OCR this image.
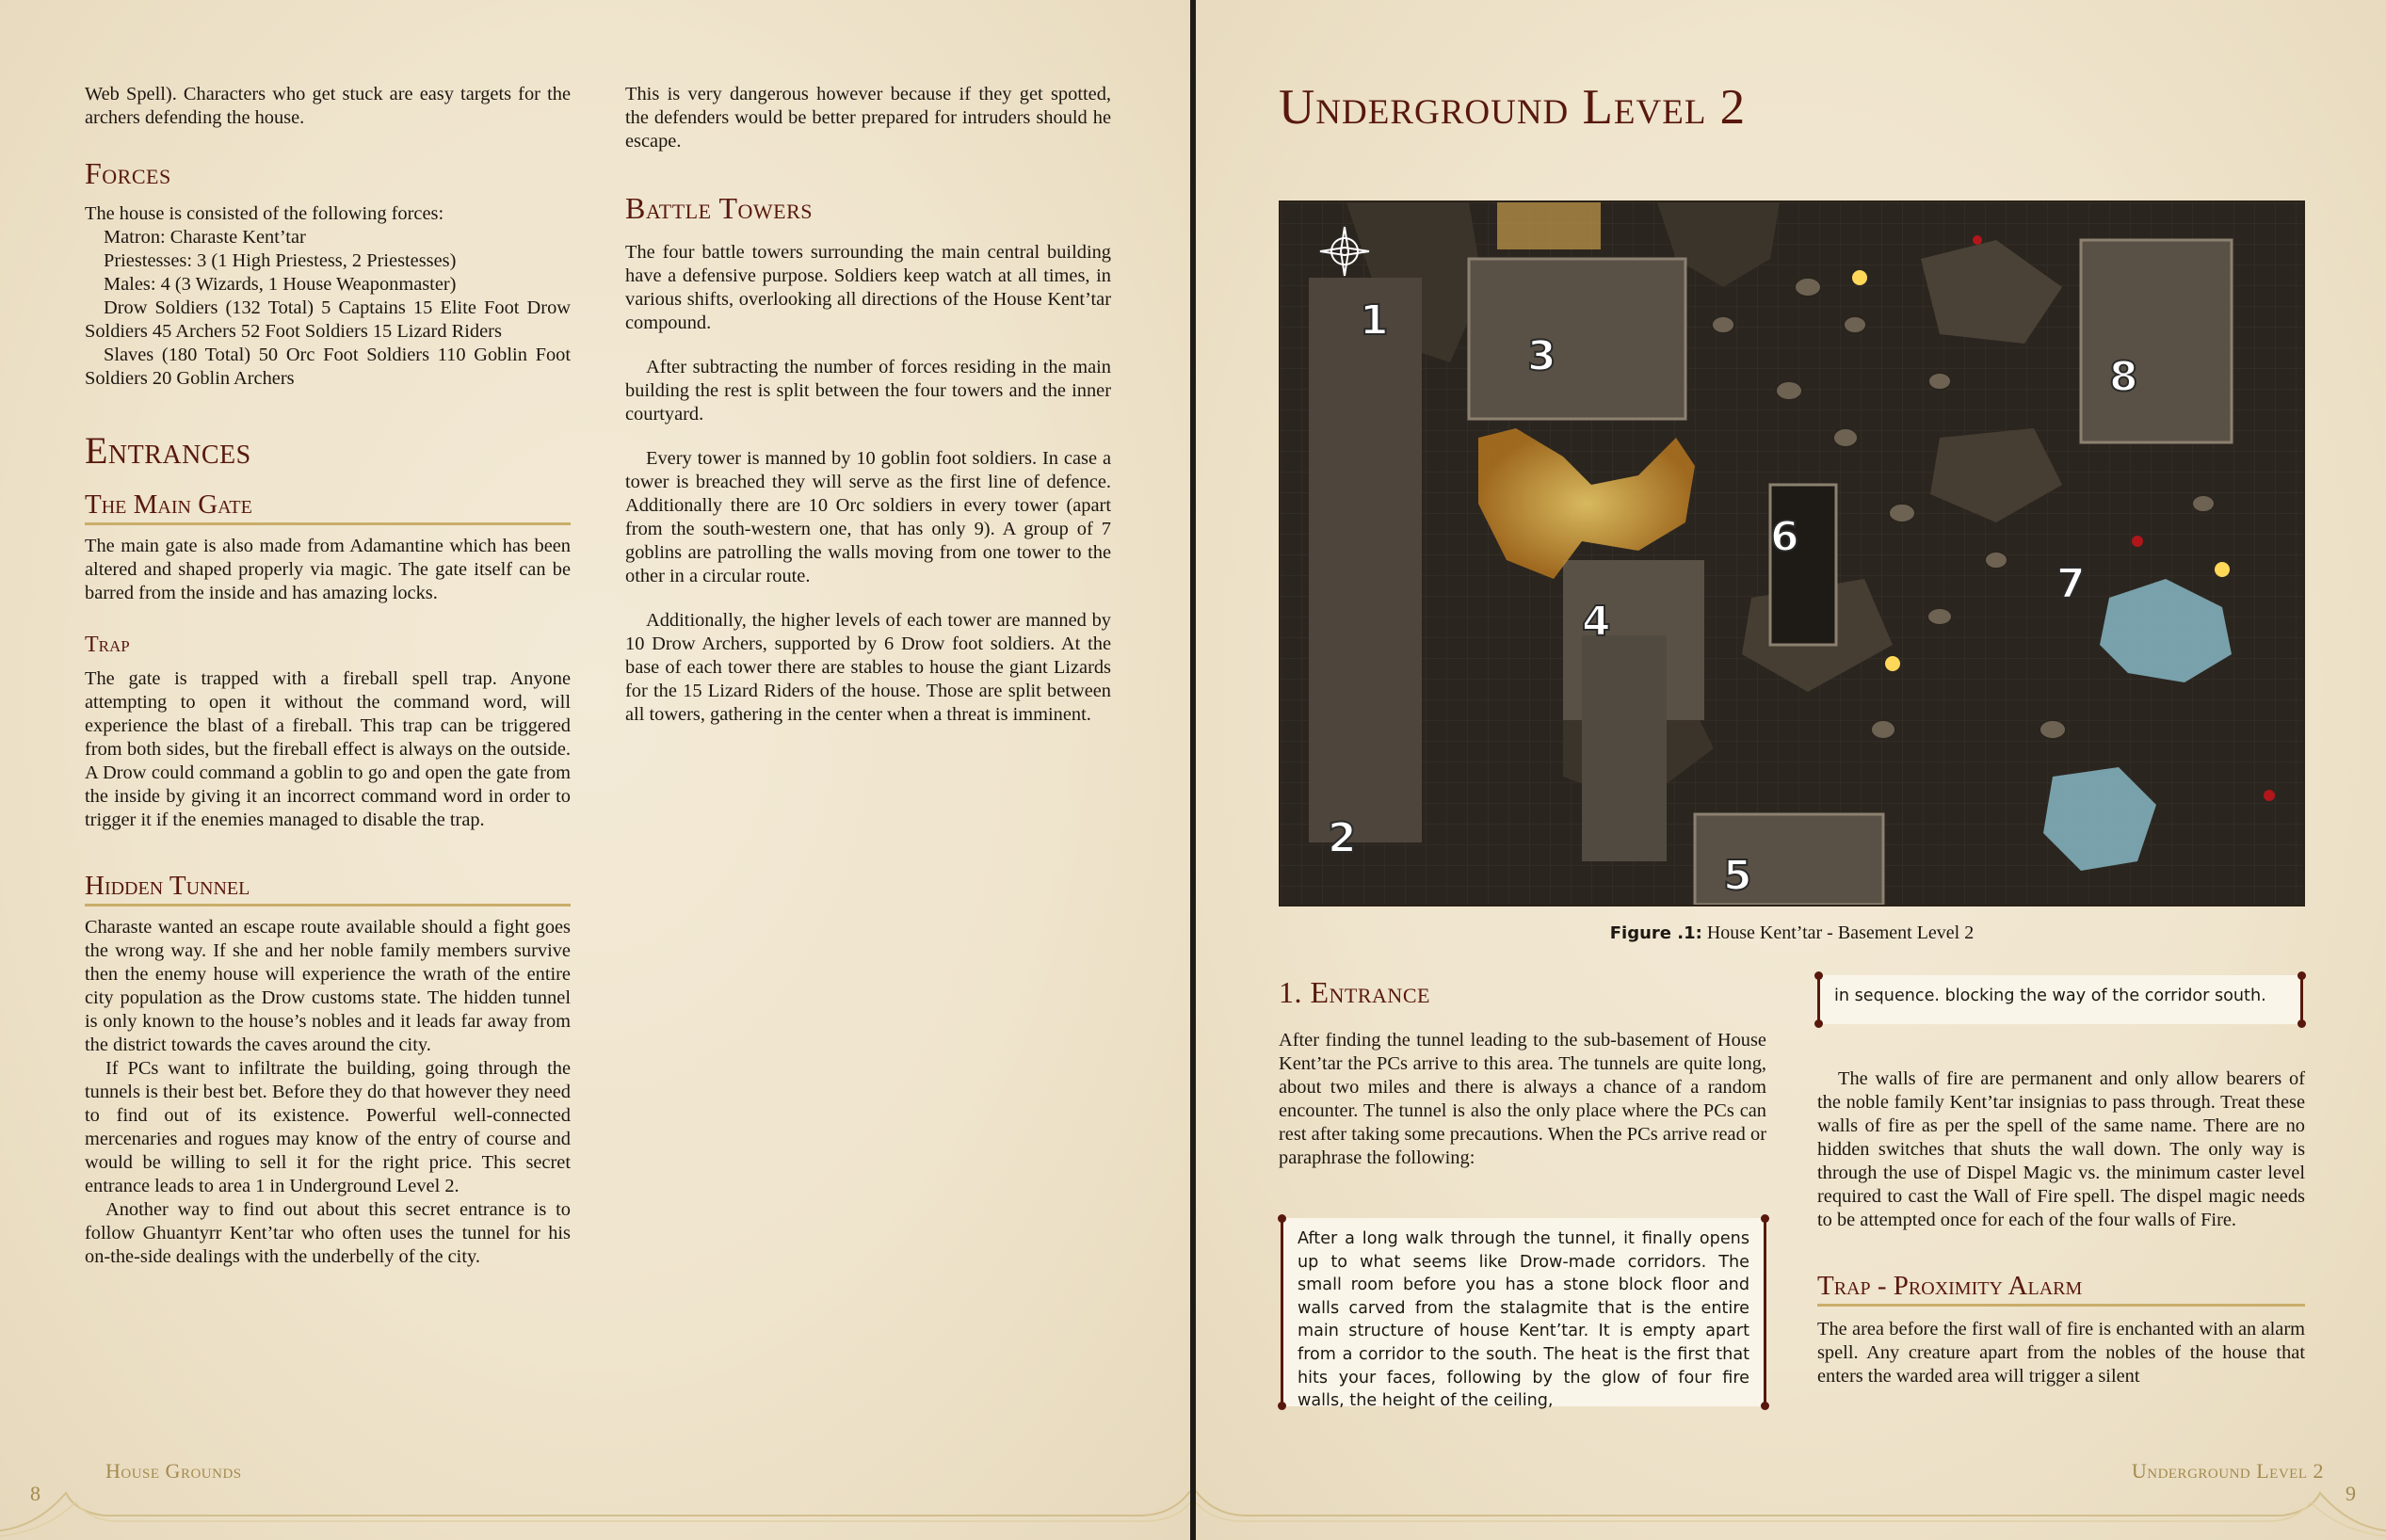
Web Spell). Characters who get stuck are easy targets for the archers defending the house.

Forces

The house is consisted of the following forces:

Matron: Charaste Kent’tar

Priestesses: 3 (1 High Priestess, 2 Priestesses)

Males: 4 (3 Wizards, 1 House Weaponmaster)

Drow Soldiers (132 Total) 5 Captains 15 Elite Foot Drow Soldiers 45 Archers 52 Foot Soldiers 15 Lizard Riders

Slaves (180 Total) 50 Orc Foot Soldiers 110 Goblin Foot Soldiers 20 Goblin Archers

Entrances
The Main Gate

The main gate is also made from Adamantine which has been altered and shaped properly via magic. The gate itself can be barred from the inside and has amazing locks.

Trap

The gate is trapped with a fireball spell trap. Anyone attempting to open it without the command word, will experience the blast of a fireball. This trap can be triggered from both sides, but the fireball effect is always on the outside. A Drow could command a goblin to go and open the gate from the inside by giving it an incorrect command word in order to trigger it if the enemies managed to disable the trap.

Hidden Tunnel

Charaste wanted an escape route available should a fight goes the wrong way. If she and her noble family members survive then the enemy house will experience the wrath of the entire city population as the Drow customs state. The hidden tunnel is only known to the house’s nobles and it leads far away from the district towards the caves around the city.

If PCs want to infiltrate the building, going through the tunnels is their best bet. Before they do that however they need to find out of its existence. Powerful well-connected mercenaries and rogues may know of the entry of course and would be willing to sell it for the right price. This secret entrance leads to area 1 in Underground Level 2.

Another way to find out about this secret entrance is to follow Ghuantyrr Kent’tar who often uses the tunnel for his on-the-side dealings with the underbelly of the city.

This is very dangerous however because if they get spotted, the defenders would be better prepared for intruders should he escape.

Battle Towers

The four battle towers surrounding the main central building have a defensive purpose. Soldiers keep watch at all times, in various shifts, overlooking all directions of the House Kent’tar compound.

After subtracting the number of forces residing in the main building the rest is split between the four towers and the inner courtyard.

Every tower is manned by 10 goblin foot soldiers. In case a tower is breached they will serve as the first line of defence. Additionally there are 10 Orc soldiers in every tower (apart from the south-western one, that has only 9). A group of 7 goblins are patrolling the walls moving from one tower to the other in a circular route.

Additionally, the higher levels of each tower are manned by 10 Drow Archers, supported by 6 Drow foot soldiers. At the base of each tower there are stables to house the giant Lizards for the 15 Lizard Riders of the house. Those are split between all towers, gathering in the center when a threat is imminent.

8
House Grounds
Underground Level 2
1
2
3
4
5
6
7
8
Figure .1: House Kent’tar - Basement Level 2
1. Entrance

After finding the tunnel leading to the sub-basement of House Kent’tar the PCs arrive to this area. The tunnels are quite long, about two miles and there is always a chance of a random encounter. The tunnel is also the only place where the PCs can rest after taking some precautions. When the PCs arrive read or paraphrase the following:

After a long walk through the tunnel, it finally opens up to what seems like Drow-made corridors. The small room before you has a stone block floor and walls carved from the stalagmite that is the entire main structure of house Kent’tar. It is empty apart from a corridor to the south. The heat is the first that hits your faces, following by the glow of four fire walls, the height of the ceiling,
in sequence. blocking the way of the corridor south.

The walls of fire are permanent and only allow bearers of the noble family Kent’tar insignias to pass through. Treat these walls of fire as per the spell of the same name. There are no hidden switches that shuts the wall down. The only way is through the use of Dispel Magic vs. the minimum caster level required to cast the Wall of Fire spell. The dispel magic needs to be attempted once for each of the four walls of Fire.

Trap - Proximity Alarm

The area before the first wall of fire is enchanted with an alarm spell. Any creature apart from the nobles of the house that enters the warded area will trigger a silent

Underground Level 2
9
